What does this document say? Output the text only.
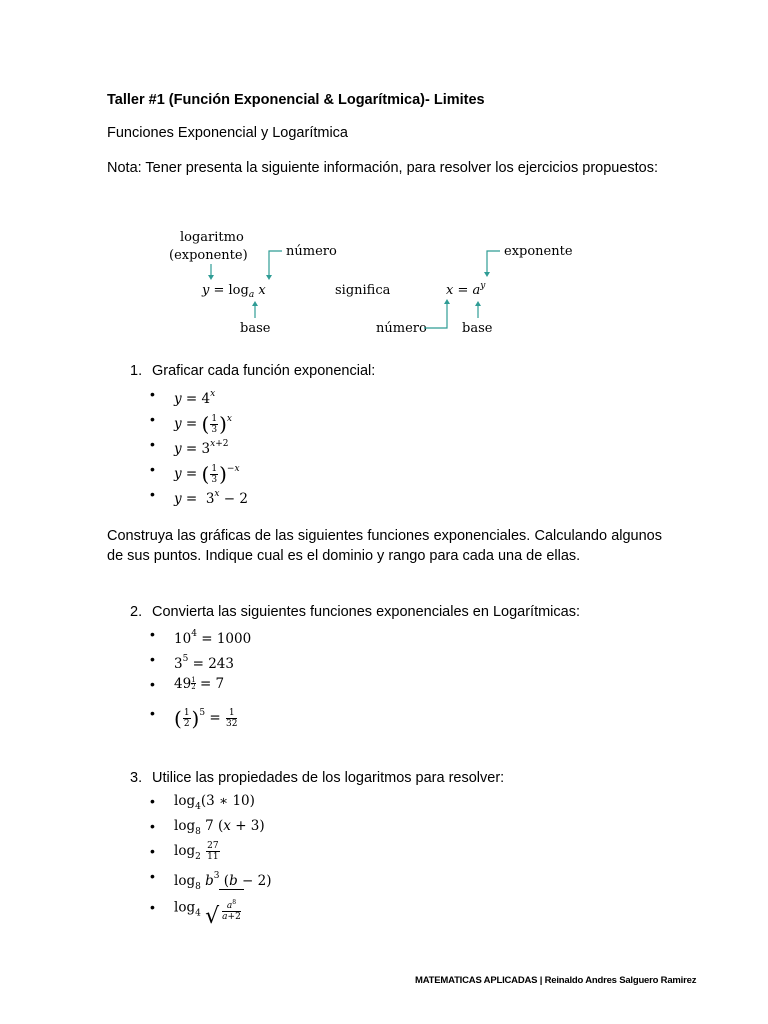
Taller #1 (Función Exponencial & Logarítmica)- Limites
Funciones Exponencial y Logarítmica
Nota: Tener presenta la siguiente información, para resolver los ejercicios propuestos:
logaritmo
(exponente)	número	exponente
significa
base	número	base
$y = \log_a x$	$x = a^y$
1. Graficar cada función exponencial:
• $y = 4^x$
• y = ( $\frac{1}{3} )^x$
• $y = 3^{x+2}$
• y = ( $\frac{1}{3} )^{-x}$
• $y = 3^x - 2$
Construya las gráficas de las siguientes funciones exponenciales. Calculando algunos de sus puntos. Indique cual es el dominio y rango para cada una de ellas.
2. Convierta las siguientes funciones exponenciales en Logarítmicas:
• $10^4 = 1000$
• $3^5 = 243$
• $49 \frac{1}{2} = 7$
• ( $\frac{1}{2} )^5 = \frac{1}{32}$
3. Utilice las propiedades de los logaritmos para resolver:
• $\log_4(3$ ∗ 10)
• $\log_8 7$ (x + 3)
• $\log_2 \frac{27}{11}$
• $\log_8 b^3$ (b − 2)
• $\log_4$ √ $\frac{a^8}{a+2}$
MATEMATICAS APLICADAS | Reinaldo Andres Salguero Ramirez
